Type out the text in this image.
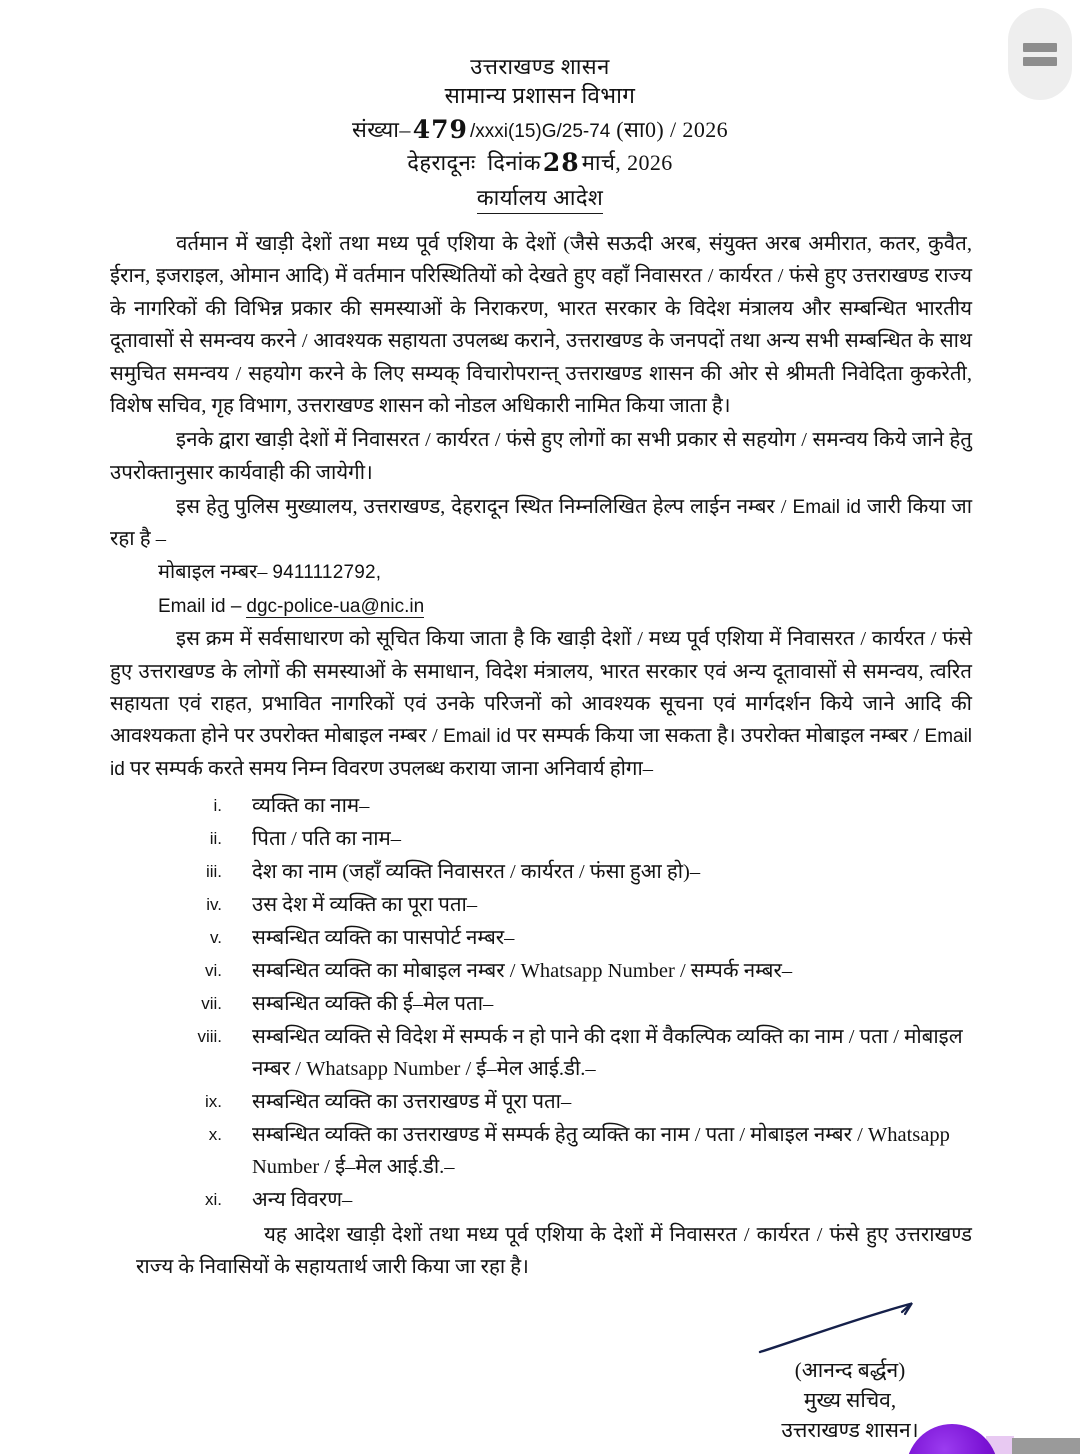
उत्तराखण्ड शासन
सामान्य प्रशासन विभाग
संख्या–479 /xxxi(15)G/25-74 (सा0) / 2026
देहरादूनः दिनांक28मार्च, 2026
कार्यालय आदेश

वर्तमान में खाड़ी देशों तथा मध्य पूर्व एशिया के देशों (जैसे सऊदी अरब, संयुक्त अरब अमीरात, कतर, कुवैत, ईरान, इजराइल, ओमान आदि) में वर्तमान परिस्थितियों को देखते हुए वहाँ निवासरत / कार्यरत / फंसे हुए उत्तराखण्ड राज्य के नागरिकों की विभिन्न प्रकार की समस्याओं के निराकरण, भारत सरकार के विदेश मंत्रालय और सम्बन्धित भारतीय दूतावासों से समन्वय करने / आवश्यक सहायता उपलब्ध कराने, उत्तराखण्ड के जनपदों तथा अन्य सभी सम्बन्धित के साथ समुचित समन्वय / सहयोग करने के लिए सम्यक् विचारोपरान्त् उत्तराखण्ड शासन की ओर से श्रीमती निवेदिता कुकरेती, विशेष सचिव, गृह विभाग, उत्तराखण्ड शासन को नोडल अधिकारी नामित किया जाता है।

इनके द्वारा खाड़ी देशों में निवासरत / कार्यरत / फंसे हुए लोगों का सभी प्रकार से सहयोग / समन्वय किये जाने हेतु उपरोक्तानुसार कार्यवाही की जायेगी।

इस हेतु पुलिस मुख्यालय, उत्तराखण्ड, देहरादून स्थित निम्नलिखित हेल्प लाईन नम्बर / Email id जारी किया जा रहा है –

मोबाइल नम्बर– 9411112792,

Email id – dgc-police-ua@nic.in

इस क्रम में सर्वसाधारण को सूचित किया जाता है कि खाड़ी देशों / मध्य पूर्व एशिया में निवासरत / कार्यरत / फंसे हुए उत्तराखण्ड के लोगों की समस्याओं के समाधान, विदेश मंत्रालय, भारत सरकार एवं अन्य दूतावासों से समन्वय, त्वरित सहायता एवं राहत, प्रभावित नागरिकों एवं उनके परिजनों को आवश्यक सूचना एवं मार्गदर्शन किये जाने आदि की आवश्यकता होने पर उपरोक्त मोबाइल नम्बर / Email id पर सम्पर्क किया जा सकता है। उपरोक्त मोबाइल नम्बर / Email id पर सम्पर्क करते समय निम्न विवरण उपलब्ध कराया जाना अनिवार्य होगा–

i. व्यक्ति का नाम–
ii. पिता / पति का नाम–
iii. देश का नाम (जहाँ व्यक्ति निवासरत / कार्यरत / फंसा हुआ हो)–
iv. उस देश में व्यक्ति का पूरा पता–
v. सम्बन्धित व्यक्ति का पासपोर्ट नम्बर–
vi. सम्बन्धित व्यक्ति का मोबाइल नम्बर / Whatsapp Number / सम्पर्क नम्बर–
vii. सम्बन्धित व्यक्ति की ई–मेल पता–
viii. सम्बन्धित व्यक्ति से विदेश में सम्पर्क न हो पाने की दशा में वैकल्पिक व्यक्ति का नाम / पता / मोबाइल नम्बर / Whatsapp Number / ई–मेल आई.डी.–
ix. सम्बन्धित व्यक्ति का उत्तराखण्ड में पूरा पता–
x. सम्बन्धित व्यक्ति का उत्तराखण्ड में सम्पर्क हेतु व्यक्ति का नाम / पता / मोबाइल नम्बर / Whatsapp Number / ई–मेल आई.डी.–
xi. अन्य विवरण–

यह आदेश खाड़ी देशों तथा मध्य पूर्व एशिया के देशों में निवासरत / कार्यरत / फंसे हुए उत्तराखण्ड राज्य के निवासियों के सहायतार्थ जारी किया जा रहा है।

(आनन्द बर्द्धन)
मुख्य सचिव,
उत्तराखण्ड शासन।
